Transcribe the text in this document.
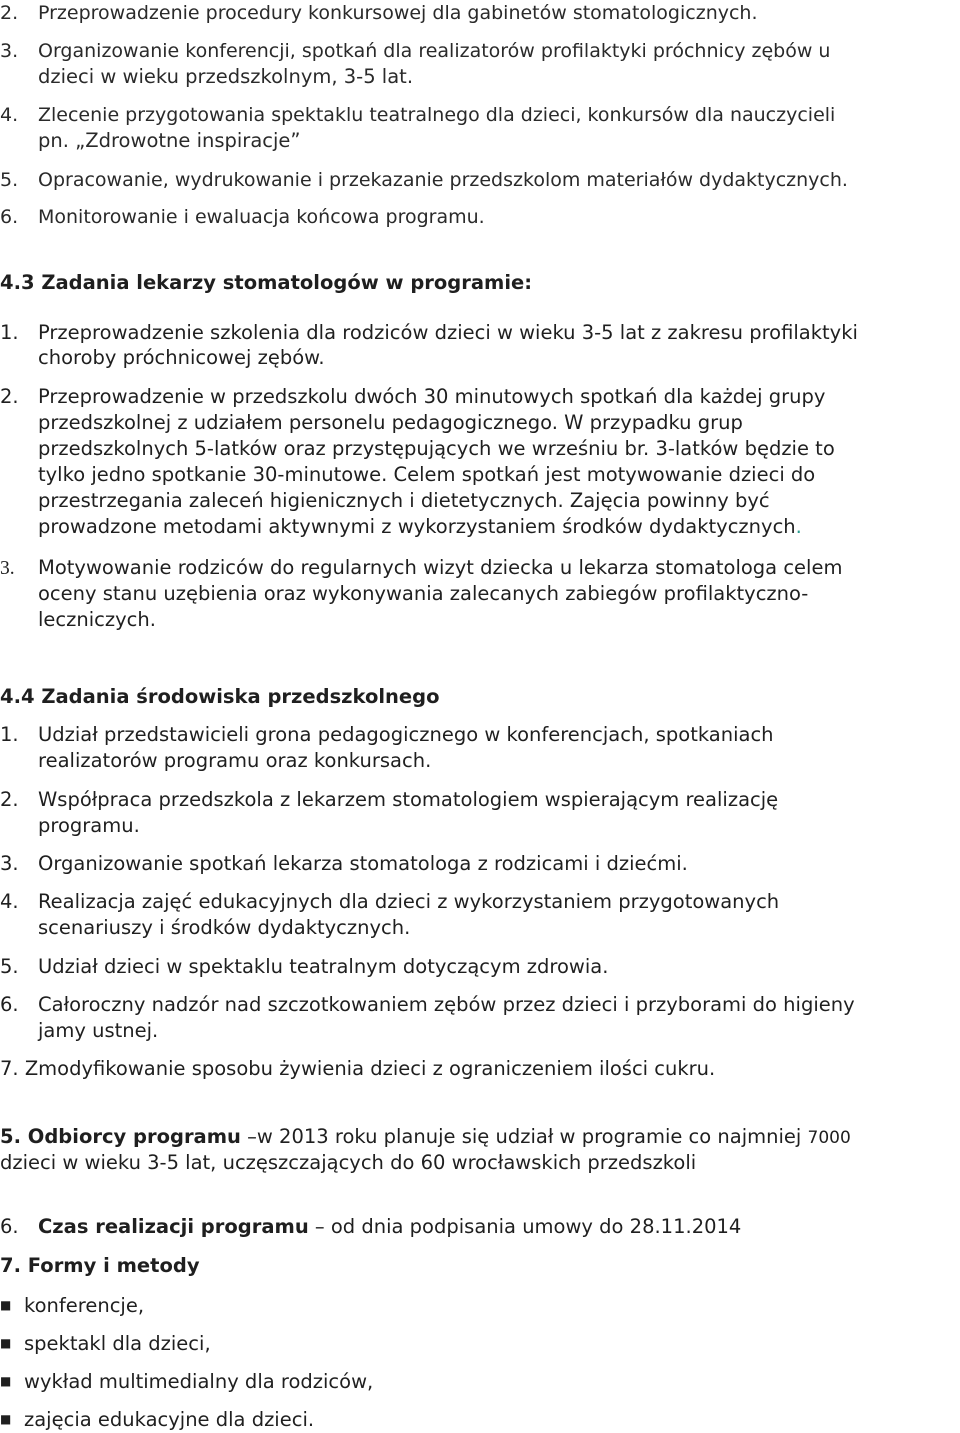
2. Przeprowadzenie procedury konkursowej dla gabinetów stomatologicznych.
3. Organizowanie konferencji, spotkań dla realizatorów profilaktyki próchnicy zębów u
dzieci w wieku przedszkolnym, 3-5 lat.
4. Zlecenie przygotowania spektaklu teatralnego dla dzieci, konkursów dla nauczycieli
pn. „Zdrowotne inspiracje”
5. Opracowanie, wydrukowanie i przekazanie przedszkolom materiałów dydaktycznych.
6. Monitorowanie i ewaluacja końcowa programu.
4.3 Zadania lekarzy stomatologów w programie:
1. Przeprowadzenie szkolenia dla rodziców dzieci w wieku 3-5 lat z zakresu profilaktyki
choroby próchnicowej zębów.
2. Przeprowadzenie w przedszkolu dwóch 30 minutowych spotkań dla każdej grupy
przedszkolnej z udziałem personelu pedagogicznego. W przypadku grup
przedszkolnych 5-latków oraz przystępujących we wrześniu br. 3-latków będzie to
tylko jedno spotkanie 30-minutowe. Celem spotkań jest motywowanie dzieci do
przestrzegania zaleceń higienicznych i dietetycznych. Zajęcia powinny być
prowadzone metodami aktywnymi z wykorzystaniem środków dydaktycznych.
3. Motywowanie rodziców do regularnych wizyt dziecka u lekarza stomatologa celem
oceny stanu uzębienia oraz wykonywania zalecanych zabiegów profilaktyczno-
leczniczych.
4.4 Zadania środowiska przedszkolnego
1. Udział przedstawicieli grona pedagogicznego w konferencjach, spotkaniach
realizatorów programu oraz konkursach.
2. Współpraca przedszkola z lekarzem stomatologiem wspierającym realizację
programu.
3. Organizowanie spotkań lekarza stomatologa z rodzicami i dziećmi.
4. Realizacja zajęć edukacyjnych dla dzieci z wykorzystaniem przygotowanych
scenariuszy i środków dydaktycznych.
5. Udział dzieci w spektaklu teatralnym dotyczącym zdrowia.
6. Całoroczny nadzór nad szczotkowaniem zębów przez dzieci i przyborami do higieny
jamy ustnej.
7. Zmodyfikowanie sposobu żywienia dzieci z ograniczeniem ilości cukru.
5. Odbiorcy programu –w 2013 roku planuje się udział w programie co najmniej 7000
dzieci w wieku 3-5 lat, uczęszczających do 60 wrocławskich przedszkoli
6. Czas realizacji programu – od dnia podpisania umowy do 28.11.2014
7. Formy i metody
■ konferencje,
■ spektakl dla dzieci,
■ wykład multimedialny dla rodziców,
■ zajęcia edukacyjne dla dzieci.
